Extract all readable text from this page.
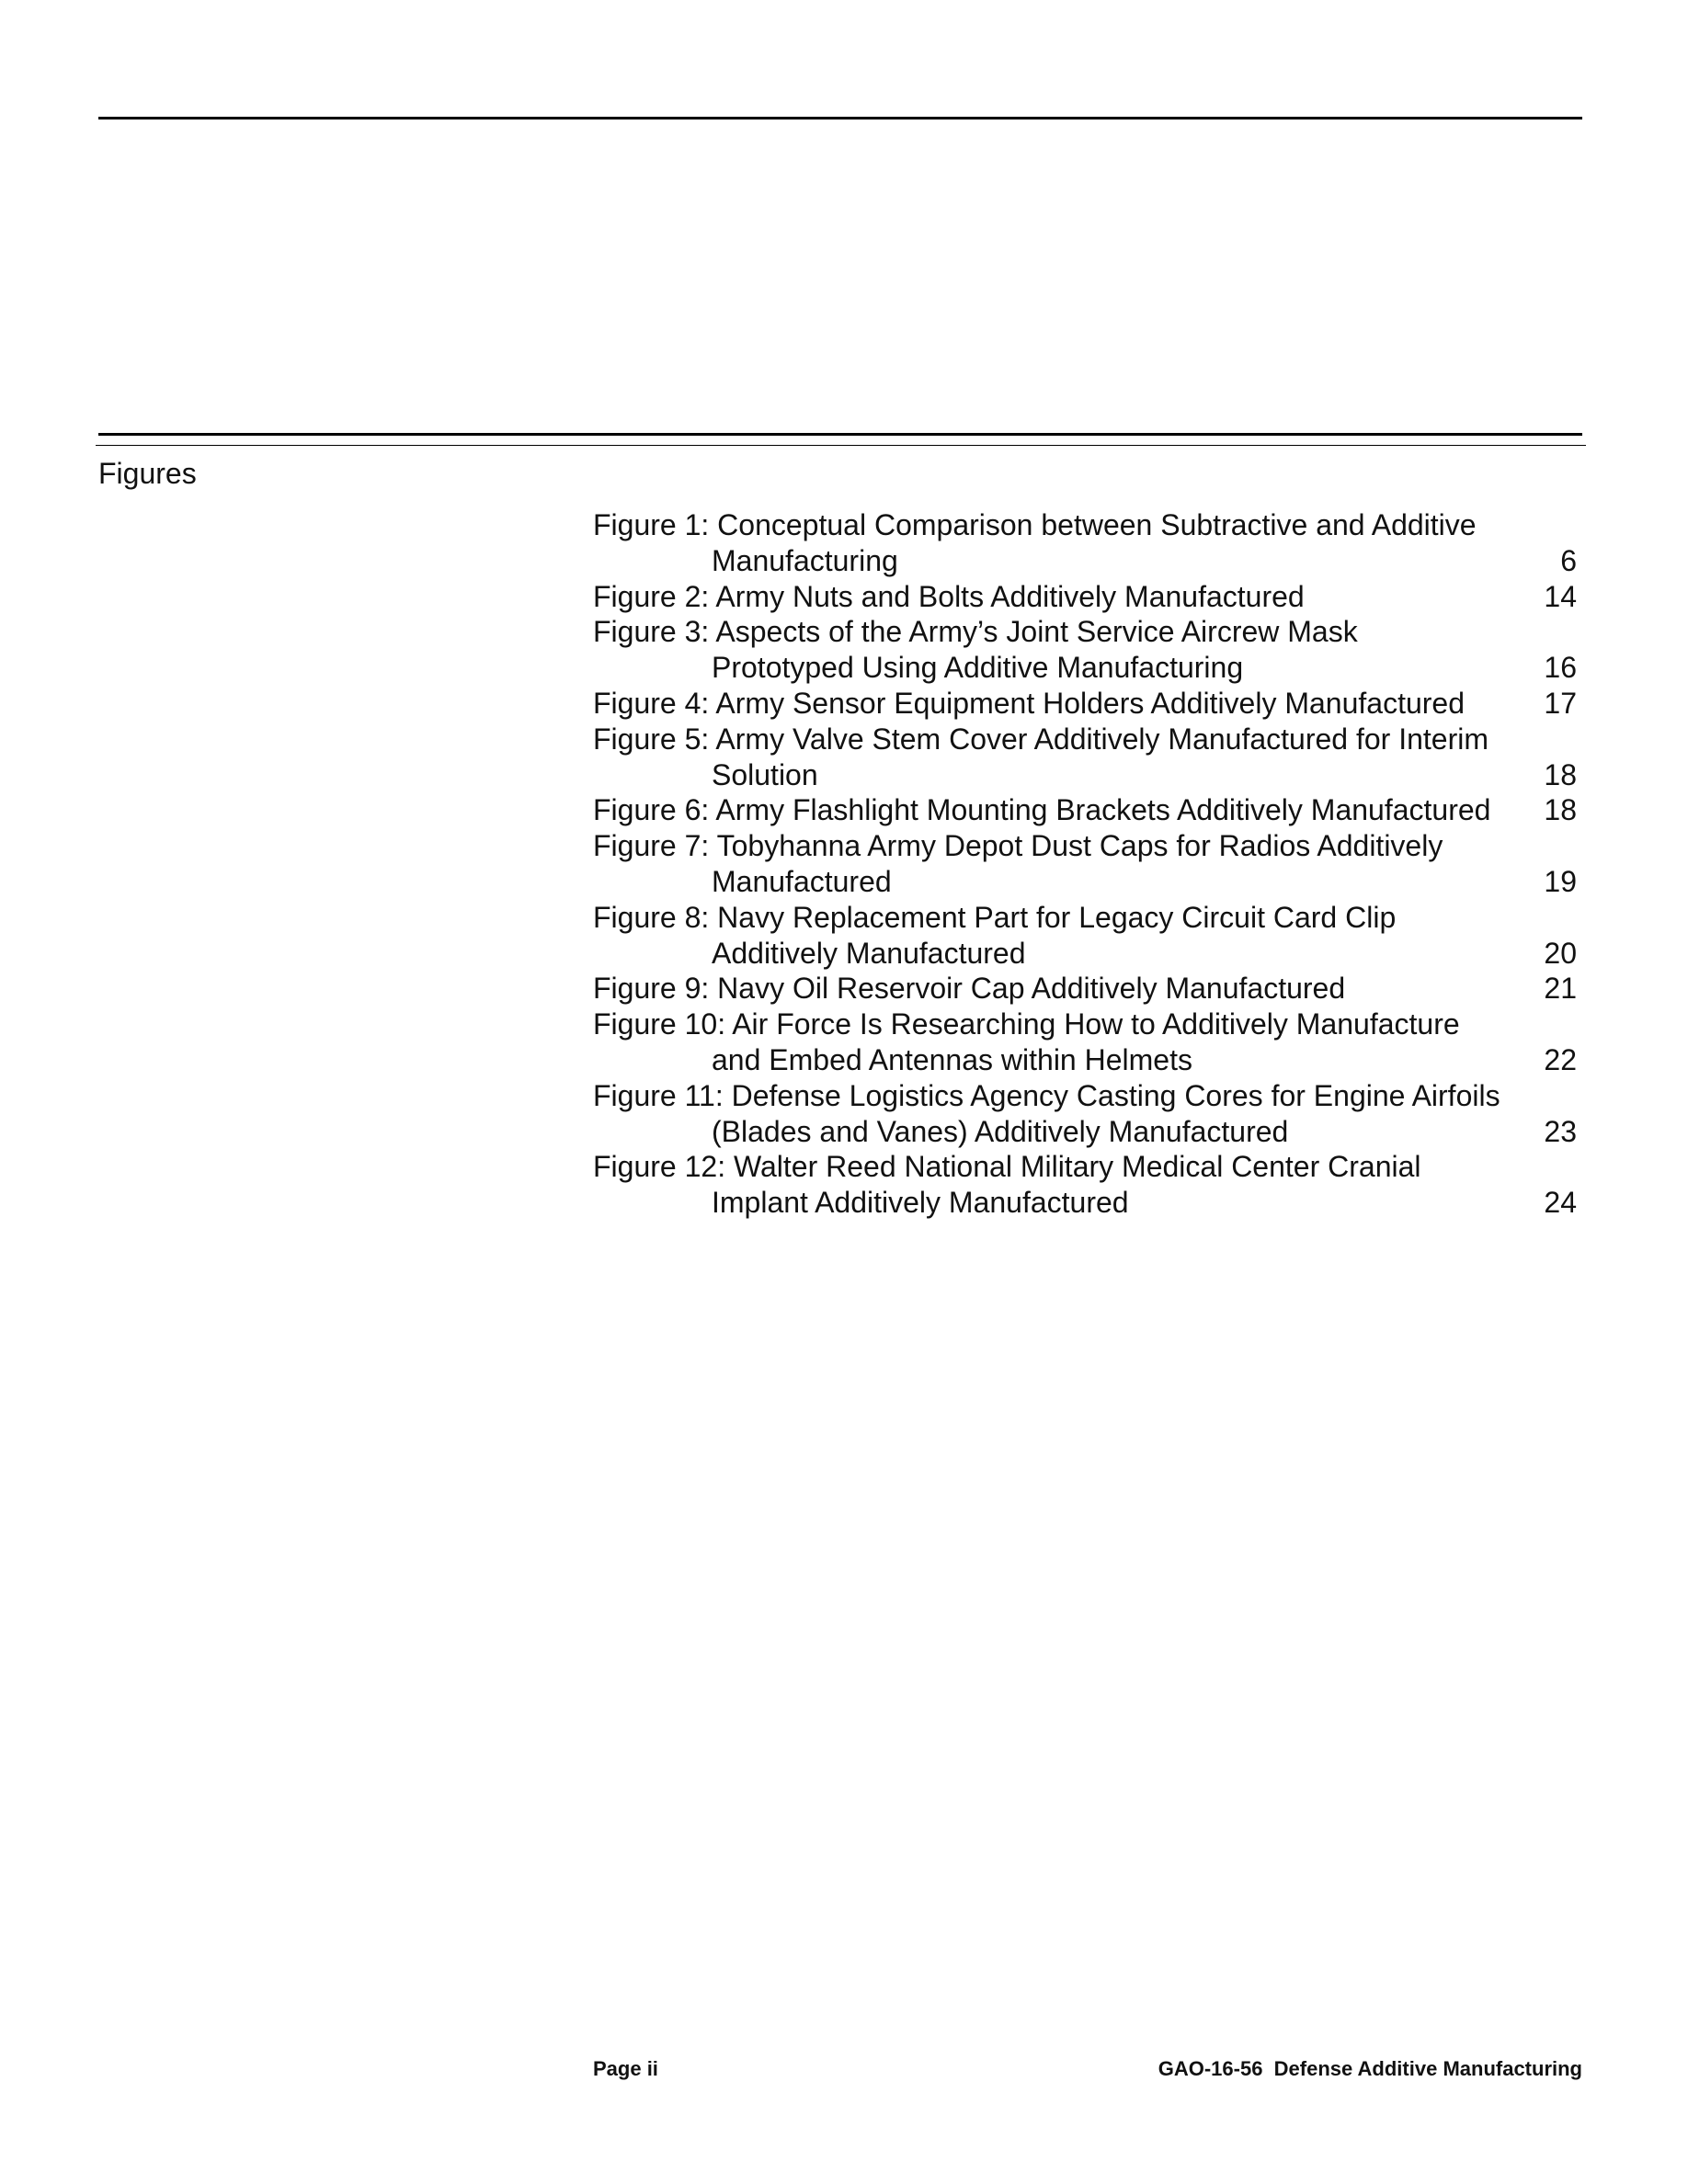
Figures
Figure 1: Conceptual Comparison between Subtractive and Additive Manufacturing	6
Figure 2: Army Nuts and Bolts Additively Manufactured	14
Figure 3: Aspects of the Army’s Joint Service Aircrew Mask Prototyped Using Additive Manufacturing	16
Figure 4: Army Sensor Equipment Holders Additively Manufactured	17
Figure 5: Army Valve Stem Cover Additively Manufactured for Interim Solution	18
Figure 6: Army Flashlight Mounting Brackets Additively Manufactured	18
Figure 7: Tobyhanna Army Depot Dust Caps for Radios Additively Manufactured	19
Figure 8: Navy Replacement Part for Legacy Circuit Card Clip Additively Manufactured	20
Figure 9: Navy Oil Reservoir Cap Additively Manufactured	21
Figure 10: Air Force Is Researching How to Additively Manufacture and Embed Antennas within Helmets	22
Figure 11: Defense Logistics Agency Casting Cores for Engine Airfoils (Blades and Vanes) Additively Manufactured	23
Figure 12: Walter Reed National Military Medical Center Cranial Implant Additively Manufactured	24
Page ii	GAO-16-56  Defense Additive Manufacturing
